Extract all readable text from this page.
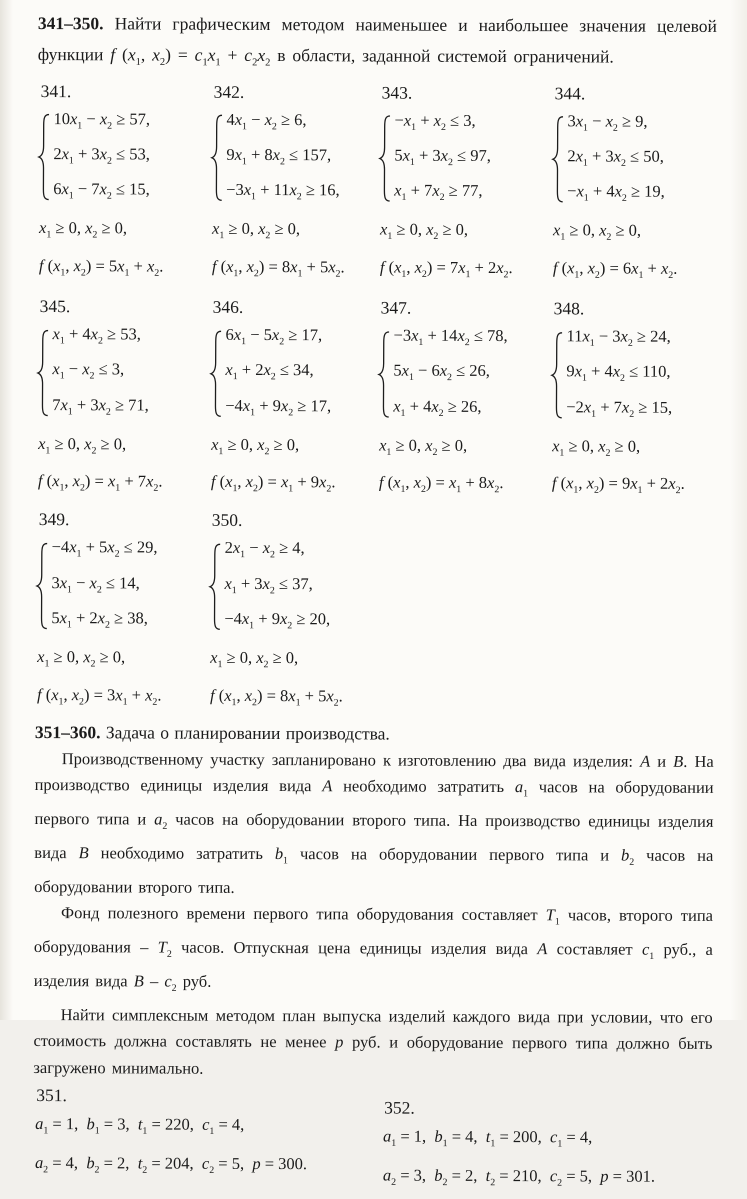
341–350. Найти графическим методом наименьшее и наибольшее значения целевой функции f ($x_1$, $x_2) = c_1x_1 + c_2x_2$ в области, заданной системой ограничений.
341.
$10x_1 - x_2 \ge 57$,
$2x_1 + 3x_2 \le 53$,
$6x_1 - 7x_2 \le 15$,
$x_1 \ge 0$, $x_2 \ge 0$,
f ($x_1$, $x_2) = 5x_1 + x_2$.
342.
$4x_1 - x_2 \ge 6$,
$9x_1 + 8x_2 \le 157$,
$-3x_1 + 11x_2 \ge 16$,
$x_1 \ge 0$, $x_2 \ge 0$,
f ($x_1$, $x_2) = 8x_1 + 5x_2$.
343.
$-x_1 + x_2 \le 3$,
$5x_1 + 3x_2 \le 97$,
$x_1 + 7x_2 \ge 77$,
$x_1 \ge 0$, $x_2 \ge 0$,
f ($x_1$, $x_2) = 7x_1 + 2x_2$.
344.
$3x_1 - x_2 \ge 9$,
$2x_1 + 3x_2 \le 50$,
$-x_1 + 4x_2 \ge 19$,
$x_1 \ge 0$, $x_2 \ge 0$,
f ($x_1$, $x_2) = 6x_1 + x_2$.
345.
$x_1 + 4x_2 \ge 53$,
$x_1 - x_2 \le 3$,
$7x_1 + 3x_2 \ge 71$,
$x_1 \ge 0$, $x_2 \ge 0$,
f ($x_1$, $x_2) = x_1 + 7x_2$.
346.
$6x_1 - 5x_2 \ge 17$,
$x_1 + 2x_2 \le 34$,
$-4x_1 + 9x_2 \ge 17$,
$x_1 \ge 0$, $x_2 \ge 0$,
f ($x_1$, $x_2) = x_1 + 9x_2$.
347.
$-3x_1 + 14x_2 \le 78$,
$5x_1 - 6x_2 \le 26$,
$x_1 + 4x_2 \ge 26$,
$x_1 \ge 0$, $x_2 \ge 0$,
f ($x_1$, $x_2) = x_1 + 8x_2$.
348.
$11x_1 - 3x_2 \ge 24$,
$9x_1 + 4x_2 \le 110$,
$-2x_1 + 7x_2 \ge 15$,
$x_1 \ge 0$, $x_2 \ge 0$,
f ($x_1$, $x_2) = 9x_1 + 2x_2$.
349.
$-4x_1 + 5x_2 \le 29$,
$3x_1 - x_2 \le 14$,
$5x_1 + 2x_2 \ge 38$,
$x_1 \ge 0$, $x_2 \ge 0$,
f ($x_1$, $x_2) = 3x_1 + x_2$.
350.
$2x_1 - x_2 \ge 4$,
$x_1 + 3x_2 \le 37$,
$-4x_1 + 9x_2 \ge 20$,
$x_1 \ge 0$, $x_2 \ge 0$,
f ($x_1$, $x_2) = 8x_1 + 5x_2$.
351–360. Задача о планировании производства.

Производственному участку запланировано к изготовлению два вида изделия: A и B. На производство единицы изделия вида A необходимо затратить $a_1$ часов на оборудовании первого типа и $a_2$ часов на оборудовании второго типа. На производство единицы изделия вида B необходимо затратить $b_1$ часов на оборудовании первого типа и $b_2$ часов на оборудовании второго типа.

Фонд полезного времени первого типа оборудования составляет $T_1$ часов, второго типа оборудования – $T_2$ часов. Отпускная цена единицы изделия вида A составляет $c_1$ руб., а изделия вида B – $c_2$ руб.

Найти симплексным методом план выпуска изделий каждого вида при условии, что его стоимость должна составлять не менее p руб. и оборудование первого типа должно быть загружено минимально.

351.
$a_1 = 1$, $b_1 = 3$, $t_1 = 220$, $c_1 = 4$,
$a_2 = 4$, $b_2 = 2$, $t_2 = 204$, $c_2 = 5$, p = 300.
352.
$a_1 = 1$, $b_1 = 4$, $t_1 = 200$, $c_1 = 4$,
$a_2 = 3$, $b_2 = 2$, $t_2 = 210$, $c_2 = 5$, p = 301.
